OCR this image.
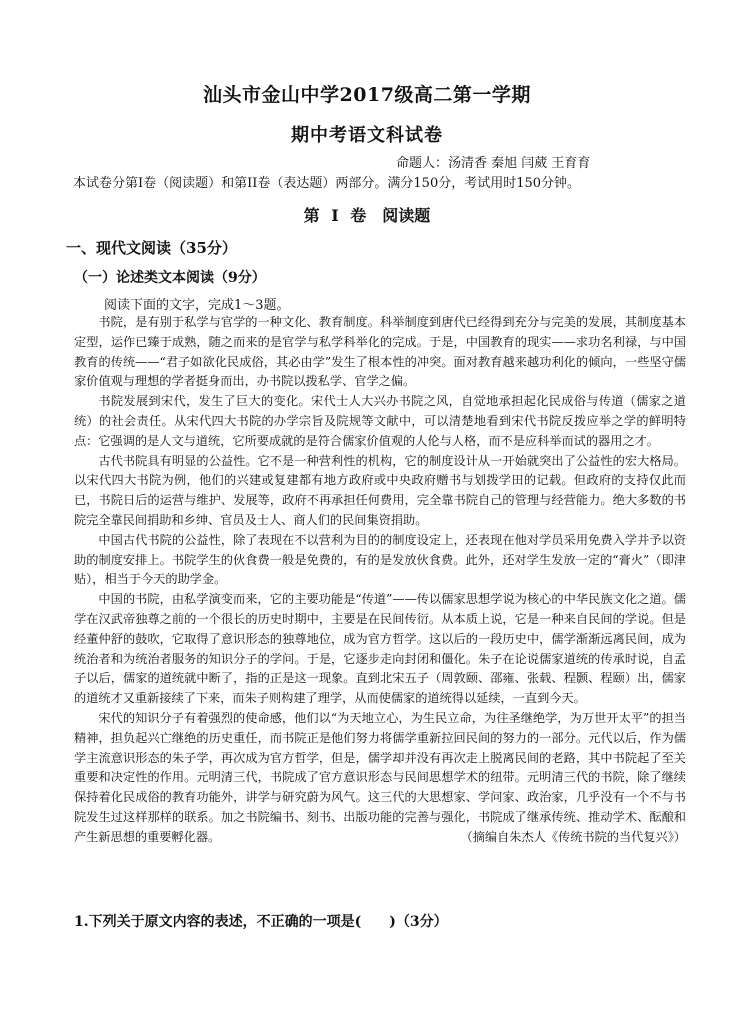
汕头市金山中学2017级高二第一学期
期中考语文科试卷
命题人：汤清香 秦旭 闫葳 王育育
本试卷分第I卷（阅读题）和第II卷（表达题）两部分。满分150分，考试用时150分钟。
第 I 卷　阅读题
一、现代文阅读（35分）
（一）论述类文本阅读（9分）
阅读下面的文字，完成1～3题。

书院，是有别于私学与官学的一种文化、教育制度。科举制度到唐代已经得到充分与完美的发展，其制度基本定型，运作已臻于成熟，随之而来的是官学与私学科举化的完成。于是，中国教育的现实——求功名利禄，与中国教育的传统——“君子如欲化民成俗，其必由学”发生了根本性的冲突。面对教育越来越功利化的倾向，一些坚守儒家价值观与理想的学者挺身而出，办书院以拨私学、官学之偏。

书院发展到宋代，发生了巨大的变化。宋代士人大兴办书院之风，自觉地承担起化民成俗与传道（儒家之道统）的社会责任。从宋代四大书院的办学宗旨及院规等文献中，可以清楚地看到宋代书院反拨应举之学的鲜明特点：它强调的是人文与道统，它所要成就的是符合儒家价值观的人伦与人格，而不是应科举而试的器用之才。

古代书院具有明显的公益性。它不是一种营利性的机构，它的制度设计从一开始就突出了公益性的宏大格局。以宋代四大书院为例，他们的兴建或复建都有地方政府或中央政府赠书与划拨学田的记载。但政府的支持仅此而已，书院日后的运营与维护、发展等，政府不再承担任何费用，完全靠书院自己的管理与经营能力。绝大多数的书院完全靠民间捐助和乡绅、官员及士人、商人们的民间集资捐助。

中国古代书院的公益性，除了表现在不以营利为目的的制度设定上，还表现在他对学员采用免费入学并予以资助的制度安排上。书院学生的伙食费一般是免费的，有的是发放伙食费。此外，还对学生发放一定的“膏火”（即津贴），相当于今天的助学金。

中国的书院，由私学演变而来，它的主要功能是“传道”——传以儒家思想学说为核心的中华民族文化之道。儒学在汉武帝独尊之前的一个很长的历史时期中，主要是在民间传衍。从本质上说，它是一种来自民间的学说。但是经董仲舒的鼓吹，它取得了意识形态的独尊地位，成为官方哲学。这以后的一段历史中，儒学渐渐远离民间，成为统治者和为统治者服务的知识分子的学问。于是，它逐步走向封闭和僵化。朱子在论说儒家道统的传承时说，自孟子以后，儒家的道统就中断了，指的正是这一现象。直到北宋五子（周敦颐、邵雍、张载、程颢、程颐）出，儒家的道统才又重新接续了下来，而朱子则构建了理学，从而使儒家的道统得以延续，一直到今天。

宋代的知识分子有着强烈的使命感，他们以“为天地立心，为生民立命，为往圣继绝学，为万世开太平”的担当精神，担负起兴亡继绝的历史重任，而书院正是他们努力将儒学重新拉回民间的努力的一部分。元代以后，作为儒学主流意识形态的朱子学，再次成为官方哲学，但是，儒学却并没有再次走上脱离民间的老路，其中书院起了至关重要和决定性的作用。元明清三代，书院成了官方意识形态与民间思想学术的纽带。元明清三代的书院，除了继续保持着化民成俗的教育功能外，讲学与研究蔚为风气。这三代的大思想家、学问家、政治家，几乎没有一个不与书院发生过这样那样的联系。加之书院编书、刻书、出版功能的完善与强化，书院成了继承传统、推动学术、酝酿和产生新思想的重要孵化器。	（摘编自朱杰人《传统书院的当代复兴》）

1.下列关于原文内容的表述，不正确的一项是(　　)（3分）
